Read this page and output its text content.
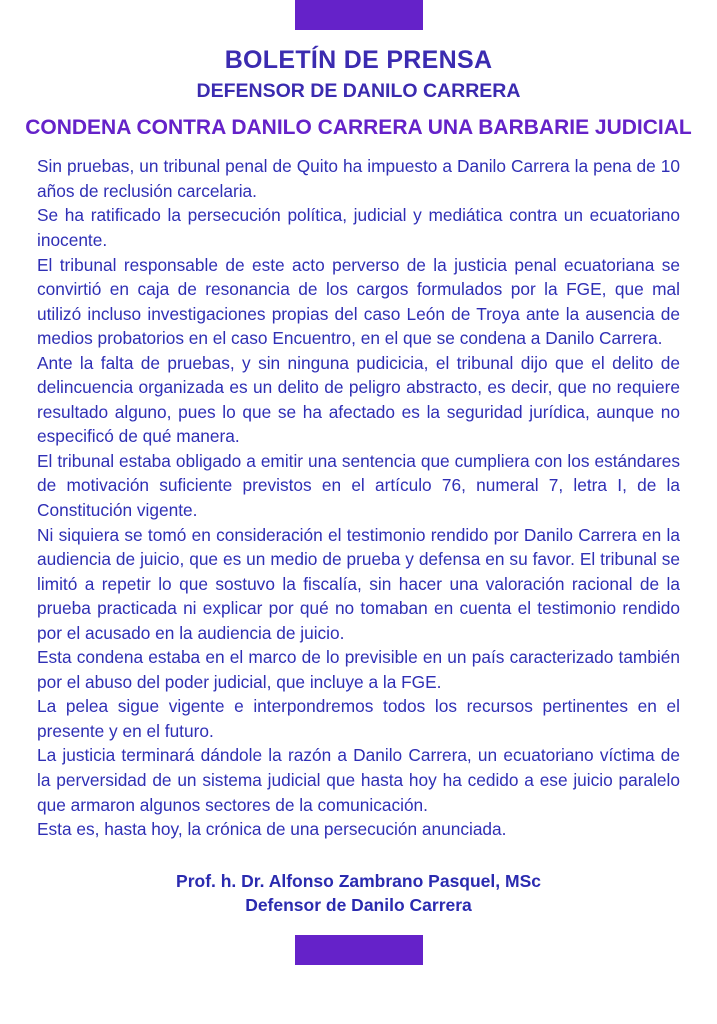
BOLETÍN DE PRENSA
DEFENSOR DE DANILO CARRERA
CONDENA CONTRA DANILO CARRERA UNA BARBARIE JUDICIAL

Sin pruebas, un tribunal penal de Quito ha impuesto a Danilo Carrera la pena de 10 años de reclusión carcelaria.

Se ha ratificado la persecución política, judicial y mediática contra un ecuatoriano inocente.

El tribunal responsable de este acto perverso de la justicia penal ecuatoriana se convirtió en caja de resonancia de los cargos formulados por la FGE, que mal utilizó incluso investigaciones propias del caso León de Troya ante la ausencia de medios probatorios en el caso Encuentro, en el que se condena a Danilo Carrera.

Ante la falta de pruebas, y sin ninguna pudicicia, el tribunal dijo que el delito de delincuencia organizada es un delito de peligro abstracto, es decir, que no requiere resultado alguno, pues lo que se ha afectado es la seguridad jurídica, aunque no especificó de qué manera.

El tribunal estaba obligado a emitir una sentencia que cumpliera con los estándares de motivación suficiente previstos en el artículo 76, numeral 7, letra I, de la Constitución vigente.

Ni siquiera se tomó en consideración el testimonio rendido por Danilo Carrera en la audiencia de juicio, que es un medio de prueba y defensa en su favor. El tribunal se limitó a repetir lo que sostuvo la fiscalía, sin hacer una valoración racional de la prueba practicada ni explicar por qué no tomaban en cuenta el testimonio rendido por el acusado en la audiencia de juicio.

Esta condena estaba en el marco de lo previsible en un país caracterizado también por el abuso del poder judicial, que incluye a la FGE.

La pelea sigue vigente e interpondremos todos los recursos pertinentes en el presente y en el futuro.

La justicia terminará dándole la razón a Danilo Carrera, un ecuatoriano víctima de la perversidad de un sistema judicial que hasta hoy ha cedido a ese juicio paralelo que armaron algunos sectores de la comunicación.

Esta es, hasta hoy, la crónica de una persecución anunciada.

Prof. h. Dr. Alfonso Zambrano Pasquel, MSc
Defensor de Danilo Carrera
